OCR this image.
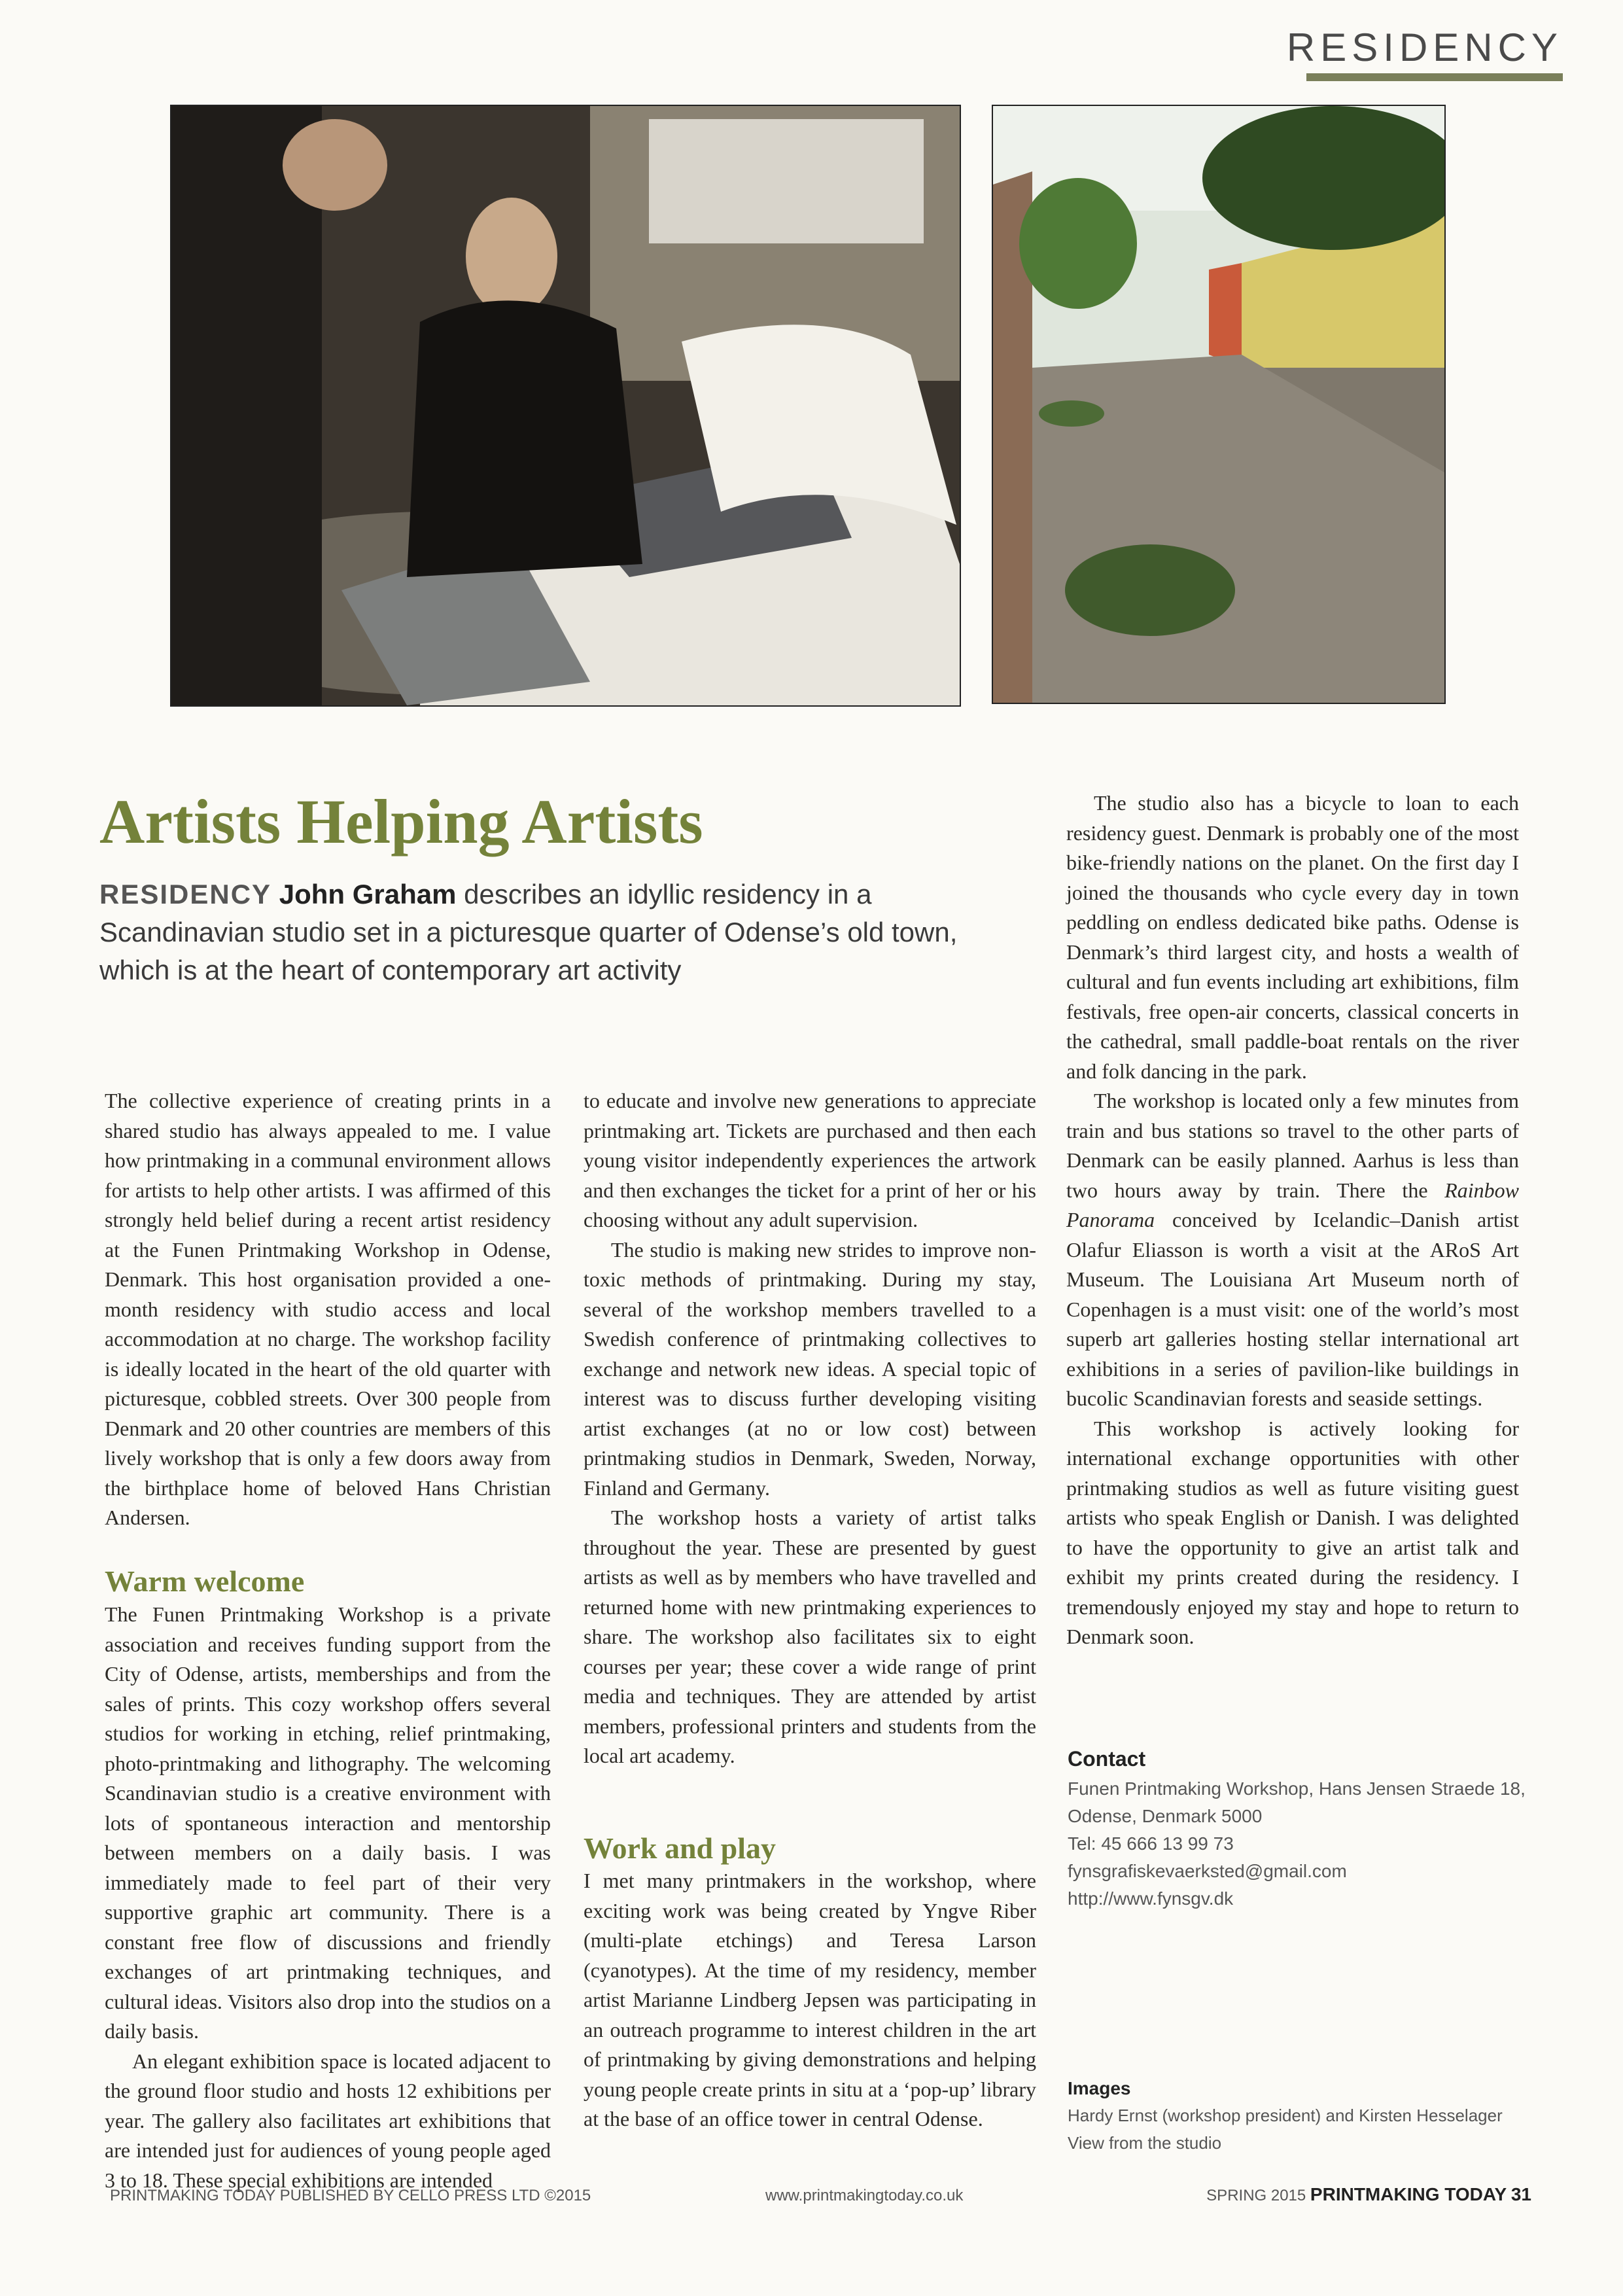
RESIDENCY
Artists Helping Artists
RESIDENCY John Graham describes an idyllic residency in a Scandinavian studio set in a picturesque quarter of Odense’s old town, which is at the heart of contemporary art activity

The collective experience of creating prints in a shared studio has always appealed to me. I value how printmaking in a communal environment allows for artists to help other artists. I was affirmed of this strongly held belief during a recent artist residency at the Funen Printmaking Workshop in Odense, Denmark. This host organisation provided a one-month residency with studio access and local accommodation at no charge. The workshop facility is ideally located in the heart of the old quarter with picturesque, cobbled streets. Over 300 people from Denmark and 20 other countries are members of this lively workshop that is only a few doors away from the birthplace home of beloved Hans Christian Andersen.

Warm welcome

The Funen Printmaking Workshop is a private association and receives funding support from the City of Odense, artists, memberships and from the sales of prints. This cozy workshop offers several studios for working in etching, relief printmaking, photo-printmaking and lithography. The welcoming Scandinavian studio is a creative environment with lots of spontaneous interaction and mentorship between members on a daily basis. I was immediately made to feel part of their very supportive graphic art community. There is a constant free flow of discussions and friendly exchanges of art printmaking techniques, and cultural ideas. Visitors also drop into the studios on a daily basis.

An elegant exhibition space is located adjacent to the ground floor studio and hosts 12 exhibitions per year. The gallery also facilitates art exhibitions that are intended just for audiences of young people aged 3 to 18. These special exhibitions are intended

to educate and involve new generations to appreciate printmaking art. Tickets are purchased and then each young visitor independently experiences the artwork and then exchanges the ticket for a print of her or his choosing without any adult supervision.

The studio is making new strides to improve non-toxic methods of printmaking. During my stay, several of the workshop members travelled to a Swedish conference of printmaking collectives to exchange and network new ideas. A special topic of interest was to discuss further developing visiting artist exchanges (at no or low cost) between printmaking studios in Denmark, Sweden, Norway, Finland and Germany.

The workshop hosts a variety of artist talks throughout the year. These are presented by guest artists as well as by members who have travelled and returned home with new printmaking experiences to share. The workshop also facilitates six to eight courses per year; these cover a wide range of print media and techniques. They are attended by artist members, professional printers and students from the local art academy.

Work and play

I met many printmakers in the workshop, where exciting work was being created by Yngve Riber (multi-plate etchings) and Teresa Larson (cyanotypes). At the time of my residency, member artist Marianne Lindberg Jepsen was participating in an outreach programme to interest children in the art of printmaking by giving demonstrations and helping young people create prints in situ at a ‘pop-up’ library at the base of an office tower in central Odense.

The studio also has a bicycle to loan to each residency guest. Denmark is probably one of the most bike-friendly nations on the planet. On the first day I joined the thousands who cycle every day in town peddling on endless dedicated bike paths. Odense is Denmark’s third largest city, and hosts a wealth of cultural and fun events including art exhibitions, film festivals, free open-air concerts, classical concerts in the cathedral, small paddle-boat rentals on the river and folk dancing in the park.

The workshop is located only a few minutes from train and bus stations so travel to the other parts of Denmark can be easily planned. Aarhus is less than two hours away by train. There the Rainbow Panorama conceived by Icelandic–Danish artist Olafur Eliasson is worth a visit at the ARoS Art Museum. The Louisiana Art Museum north of Copenhagen is a must visit: one of the world’s most superb art galleries hosting stellar international art exhibitions in a series of pavilion-like buildings in bucolic Scandinavian forests and seaside settings.

This workshop is actively looking for international exchange opportunities with other printmaking studios as well as future visiting guest artists who speak English or Danish. I was delighted to have the opportunity to give an artist talk and exhibit my prints created during the residency. I tremendously enjoyed my stay and hope to return to Denmark soon.

Contact
Funen Printmaking Workshop, Hans Jensen Straede 18,
Odense, Denmark 5000
Tel: 45 666 13 99 73
fynsgrafiskevaerksted@gmail.com
http://www.fynsgv.dk
Images
Hardy Ernst (workshop president) and Kirsten Hesselager
View from the studio
PRINTMAKING TODAY PUBLISHED BY CELLO PRESS LTD ©2015	www.printmakingtoday.co.uk	SPRING 2015 PRINTMAKING TODAY 31
